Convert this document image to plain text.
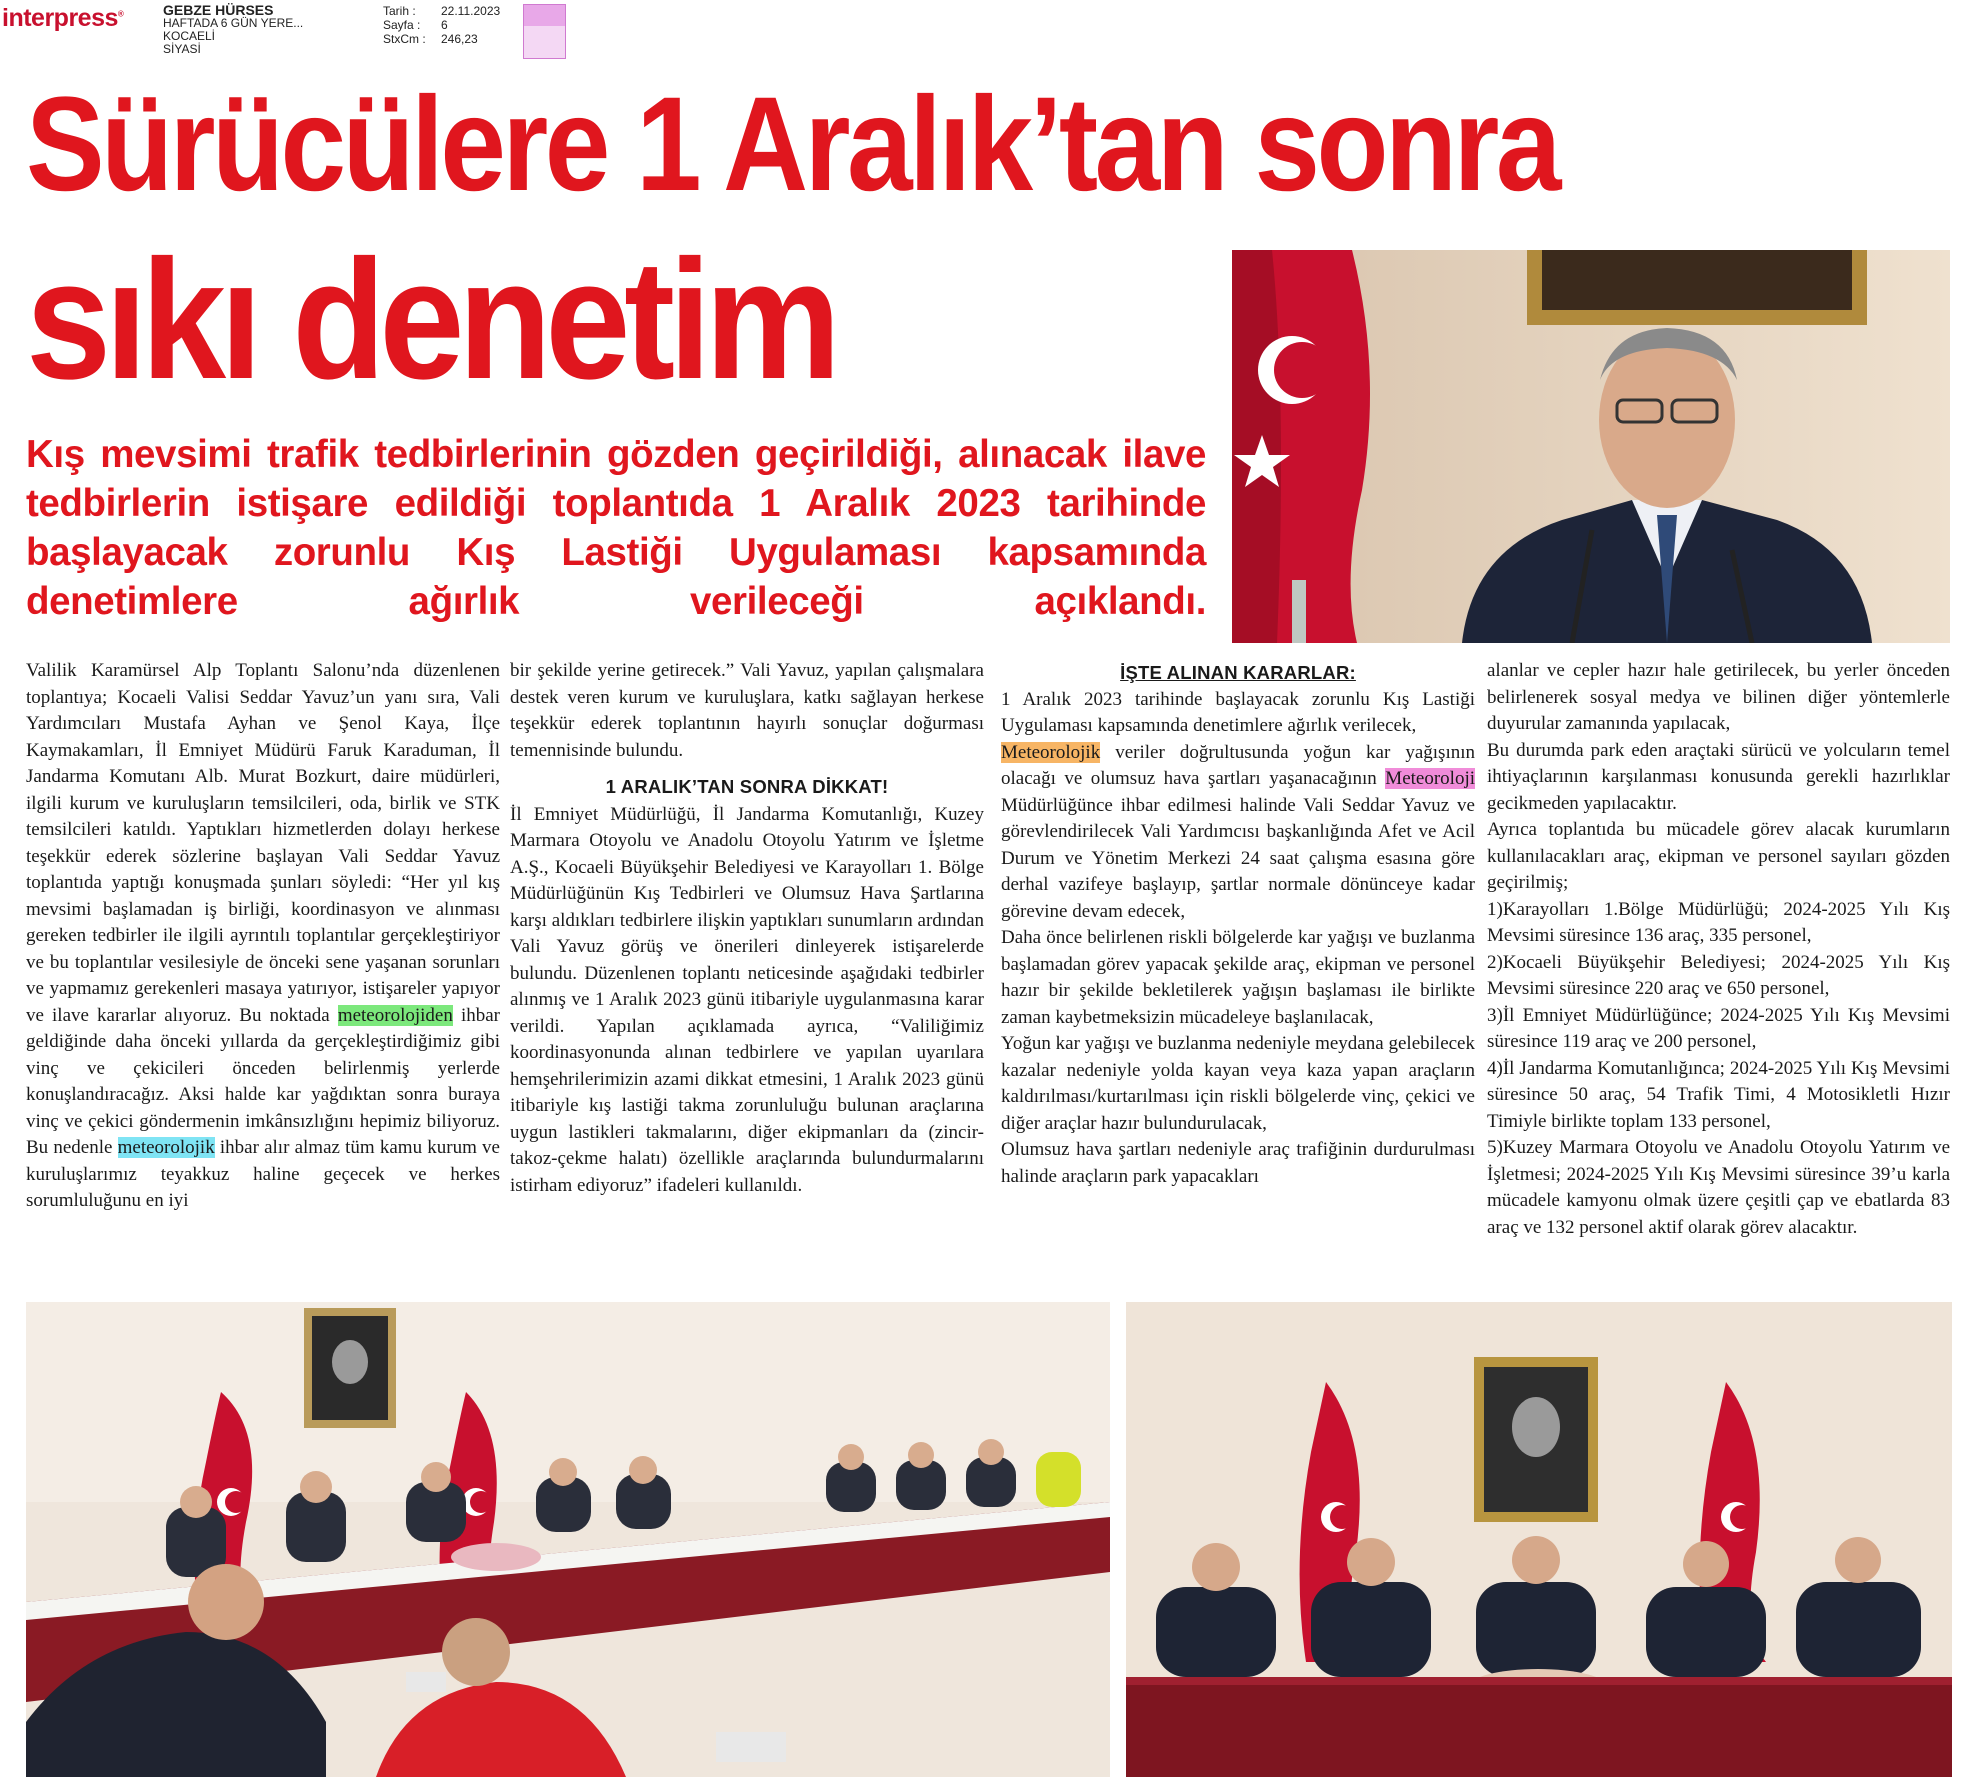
interpress®	GEBZE HÜRSES
HAFTADA 6 GÜN YERE...
KOCAELİ
SİYASİ
Tarih :	22.11.2023
Sayfa :	6
StxCm :	246,23
Sürücülere 1 Aralık’tan sonra
sıkı denetim
Kış mevsimi trafik tedbirlerinin gözden geçirildiği, alınacak ilave tedbirlerin istişare edildiği toplantıda 1 Aralık 2023 tarihinde başlayacak zorunlu Kış Lastiği Uygulaması kapsamında denetimlere ağırlık verileceği açıklandı.

Valilik Karamürsel Alp Toplantı Salonu’nda düzenlenen toplantıya; Kocaeli Valisi Seddar Yavuz’un yanı sıra, Vali Yardımcıları Mustafa Ayhan ve Şenol Kaya, İlçe Kaymakamları, İl Emniyet Müdürü Faruk Karaduman, İl Jandarma Komutanı Alb. Murat Bozkurt, daire müdürleri, ilgili kurum ve kuruluşların temsilcileri, oda, birlik ve STK temsilcileri katıldı. Yaptıkları hizmetlerden dolayı herkese teşekkür ederek sözlerine başlayan Vali Seddar Yavuz toplantıda yaptığı konuşmada şunları söyledi: “Her yıl kış mevsimi başlamadan iş birliği, koordinasyon ve alınması gereken tedbirler ile ilgili ayrıntılı toplantılar gerçekleştiriyor ve bu toplantılar vesilesiyle de önceki sene yaşanan sorunları ve yapmamız gerekenleri masaya yatırıyor, istişareler yapıyor ve ilave kararlar alıyoruz. Bu noktada meteorolojiden ihbar geldiğinde daha önceki yıllarda da gerçekleştirdiğimiz gibi vinç ve çekicileri önceden belirlenmiş yerlerde konuşlandıracağız. Aksi halde kar yağdıktan sonra buraya vinç ve çekici göndermenin imkânsızlığını hepimiz biliyoruz. Bu nedenle meteorolojik ihbar alır almaz tüm kamu kurum ve kuruluşlarımız teyakkuz haline geçecek ve herkes sorumluluğunu en iyi

bir şekilde yerine getirecek.” Vali Yavuz, yapılan çalışmalara destek veren kurum ve kuruluşlara, katkı sağlayan herkese teşekkür ederek toplantının hayırlı sonuçlar doğurması temennisinde bulundu.

1 ARALIK’TAN SONRA DİKKAT!

İl Emniyet Müdürlüğü, İl Jandarma Komutanlığı, Kuzey Marmara Otoyolu ve Anadolu Otoyolu Yatırım ve İşletme A.Ş., Kocaeli Büyükşehir Belediyesi ve Karayolları 1. Bölge Müdürlüğünün Kış Tedbirleri ve Olumsuz Hava Şartlarına karşı aldıkları tedbirlere ilişkin yaptıkları sunumların ardından Vali Yavuz görüş ve önerileri dinleyerek istişarelerde bulundu. Düzenlenen toplantı neticesinde aşağıdaki tedbirler alınmış ve 1 Aralık 2023 günü itibariyle uygulanmasına karar verildi. Yapılan açıklamada ayrıca, “Valiliğimiz koordinasyonunda alınan tedbirlere ve yapılan uyarılara hemşehrilerimizin azami dikkat etmesini, 1 Aralık 2023 günü itibariyle kış lastiği takma zorunluluğu bulunan araçlarına uygun lastikleri takmalarını, diğer ekipmanları da (zincir-takoz-çekme halatı) özellikle araçlarında bulundurmalarını istirham ediyoruz” ifadeleri kullanıldı.

İŞTE ALINAN KARARLAR:

1 Aralık 2023 tarihinde başlayacak zorunlu Kış Lastiği Uygulaması kapsamında denetimlere ağırlık verilecek,

Meteorolojik veriler doğrultusunda yoğun kar yağışının olacağı ve olumsuz hava şartları yaşanacağının Meteoroloji Müdürlüğünce ihbar edilmesi halinde Vali Seddar Yavuz ve görevlendirilecek Vali Yardımcısı başkanlığında Afet ve Acil Durum ve Yönetim Merkezi 24 saat çalışma esasına göre derhal vazifeye başlayıp, şartlar normale dönünceye kadar görevine devam edecek,

Daha önce belirlenen riskli bölgelerde kar yağışı ve buzlanma başlamadan görev yapacak şekilde araç, ekipman ve personel hazır bir şekilde bekletilerek yağışın başlaması ile birlikte zaman kaybetmeksizin mücadeleye başlanılacak,

Yoğun kar yağışı ve buzlanma nedeniyle meydana gelebilecek kazalar nedeniyle yolda kayan veya kaza yapan araçların kaldırılması/kurtarılması için riskli bölgelerde vinç, çekici ve diğer araçlar hazır bulundurulacak,

Olumsuz hava şartları nedeniyle araç trafiğinin durdurulması halinde araçların park yapacakları

alanlar ve cepler hazır hale getirilecek, bu yerler önceden belirlenerek sosyal medya ve bilinen diğer yöntemlerle duyurular zamanında yapılacak,

Bu durumda park eden araçtaki sürücü ve yolcuların temel ihtiyaçlarının karşılanması konusunda gerekli hazırlıklar gecikmeden yapılacaktır.

Ayrıca toplantıda bu mücadele görev alacak kurumların kullanılacakları araç, ekipman ve personel sayıları gözden geçirilmiş;

1)Karayolları 1.Bölge Müdürlüğü; 2024-2025 Yılı Kış Mevsimi süresince 136 araç, 335 personel,

2)Kocaeli Büyükşehir Belediyesi; 2024-2025 Yılı Kış Mevsimi süresince 220 araç ve 650 personel,

3)İl Emniyet Müdürlüğünce; 2024-2025 Yılı Kış Mevsimi süresince 119 araç ve 200 personel,

4)İl Jandarma Komutanlığınca; 2024-2025 Yılı Kış Mevsimi süresince 50 araç, 54 Trafik Timi, 4 Motosikletli Hızır Timiyle birlikte toplam 133 personel,

5)Kuzey Marmara Otoyolu ve Anadolu Otoyolu Yatırım ve İşletmesi; 2024-2025 Yılı Kış Mevsimi süresince 39’u karla mücadele kamyonu olmak üzere çeşitli çap ve ebatlarda 83 araç ve 132 personel aktif olarak görev alacaktır.
